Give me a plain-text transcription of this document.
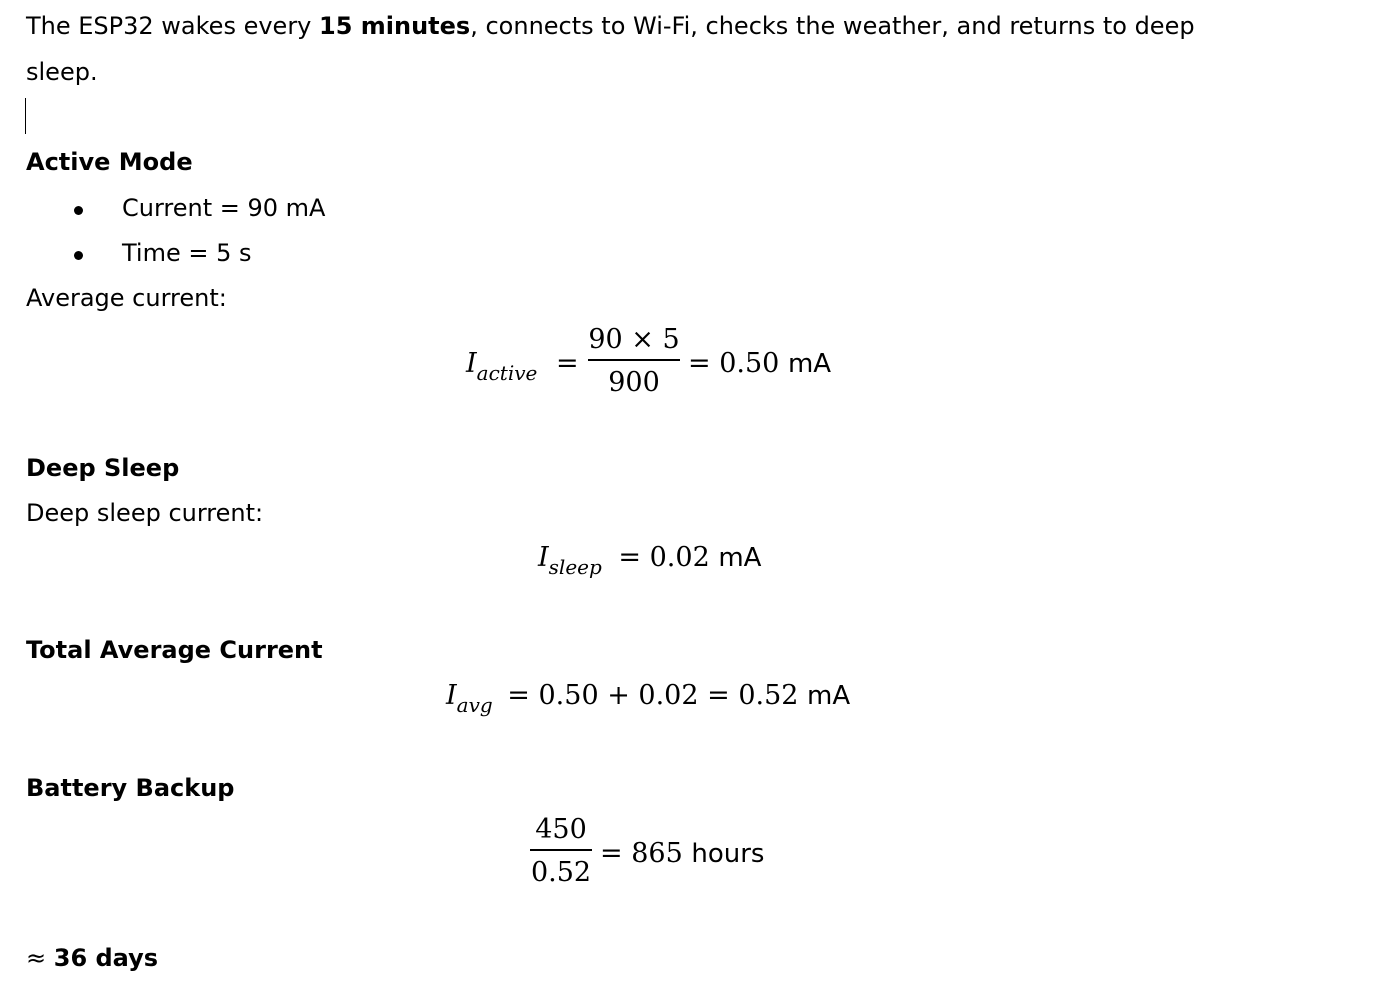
The ESP32 wakes every 15 minutes, connects to Wi-Fi, checks the weather, and returns to deep
sleep.
Active Mode
Current = 90 mA
Time = 5 s
Average current:
$I_{active}$ =
90 × 5
900
= 0.50 mA
Deep Sleep
Deep sleep current:
$I_{sleep} = 0.02$ mA
Total Average Current
$I_{avg} = 0.50 + 0.02 = 0.52$ mA
Battery Backup
450
0.52
= 865 hours
≈ 36 days
